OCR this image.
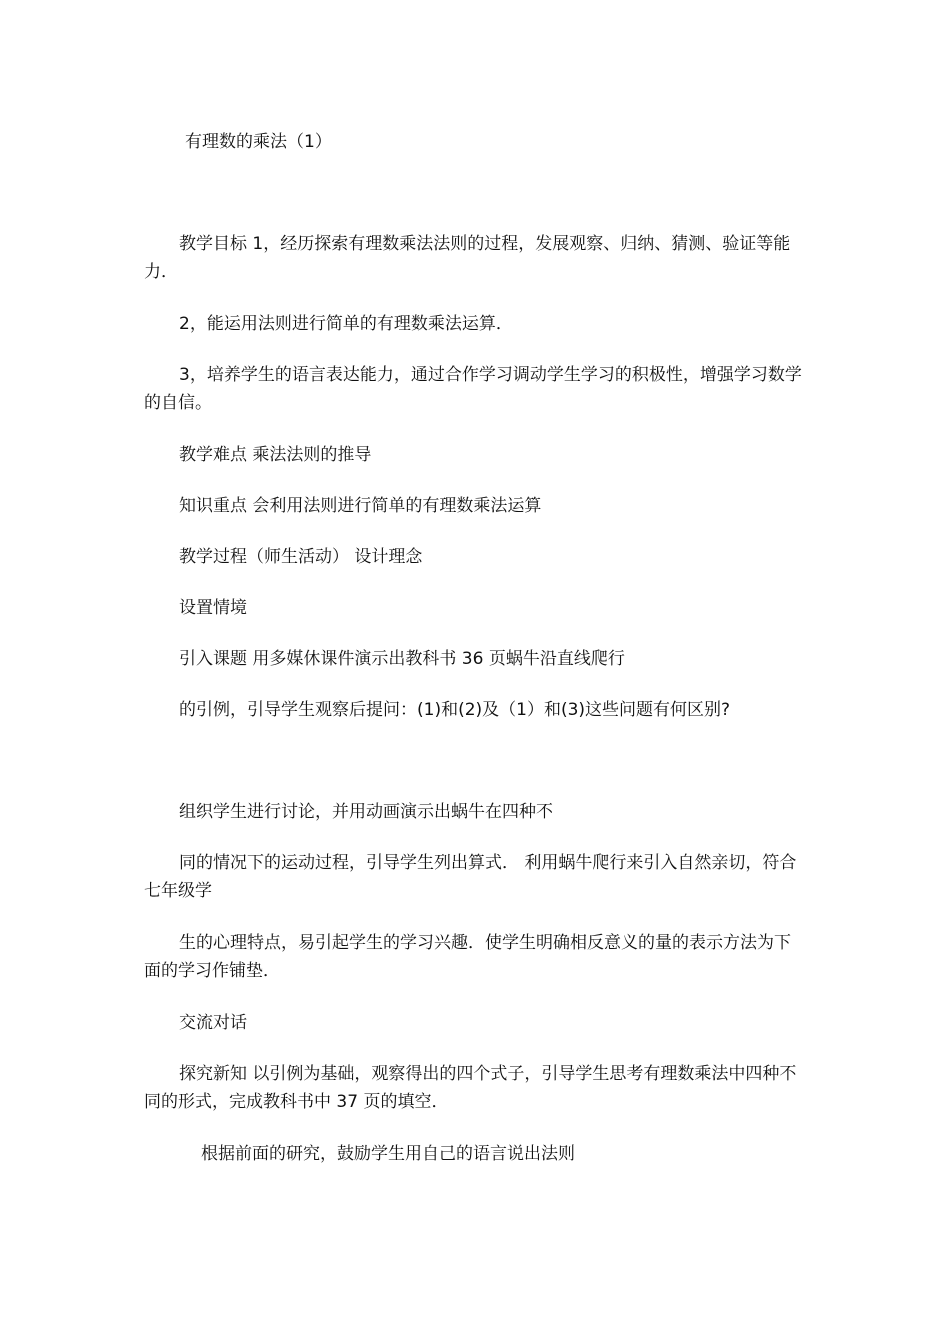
有理数的乘法（1）
教学目标 1，经历探索有理数乘法法则的过程，发展观察、归纳、猜测、验证等能力．
2，能运用法则进行简单的有理数乘法运算．
3，培养学生的语言表达能力，通过合作学习调动学生学习的积极性，增强学习数学的自信。
教学难点 乘法法则的推导
知识重点 会利用法则进行简单的有理数乘法运算
教学过程（师生活动） 设计理念
设置情境
引入课题 用多媒休课件演示出教科书 36 页蜗牛沿直线爬行
的引例，引导学生观察后提问：(1)和(2)及（1）和(3)这些问题有何区别?
组织学生进行讨论，并用动画演示出蜗牛在四种不
同的情况下的运动过程，引导学生列出算式． 利用蜗牛爬行来引入自然亲切，符合七年级学
生的心理特点，易引起学生的学习兴趣．使学生明确相反意义的量的表示方法为下面的学习作铺垫．
交流对话
探究新知 以引例为基础，观察得出的四个式子，引导学生思考有理数乘法中四种不同的形式，完成教科书中 37 页的填空．
根据前面的研究，鼓励学生用自己的语言说出法则
